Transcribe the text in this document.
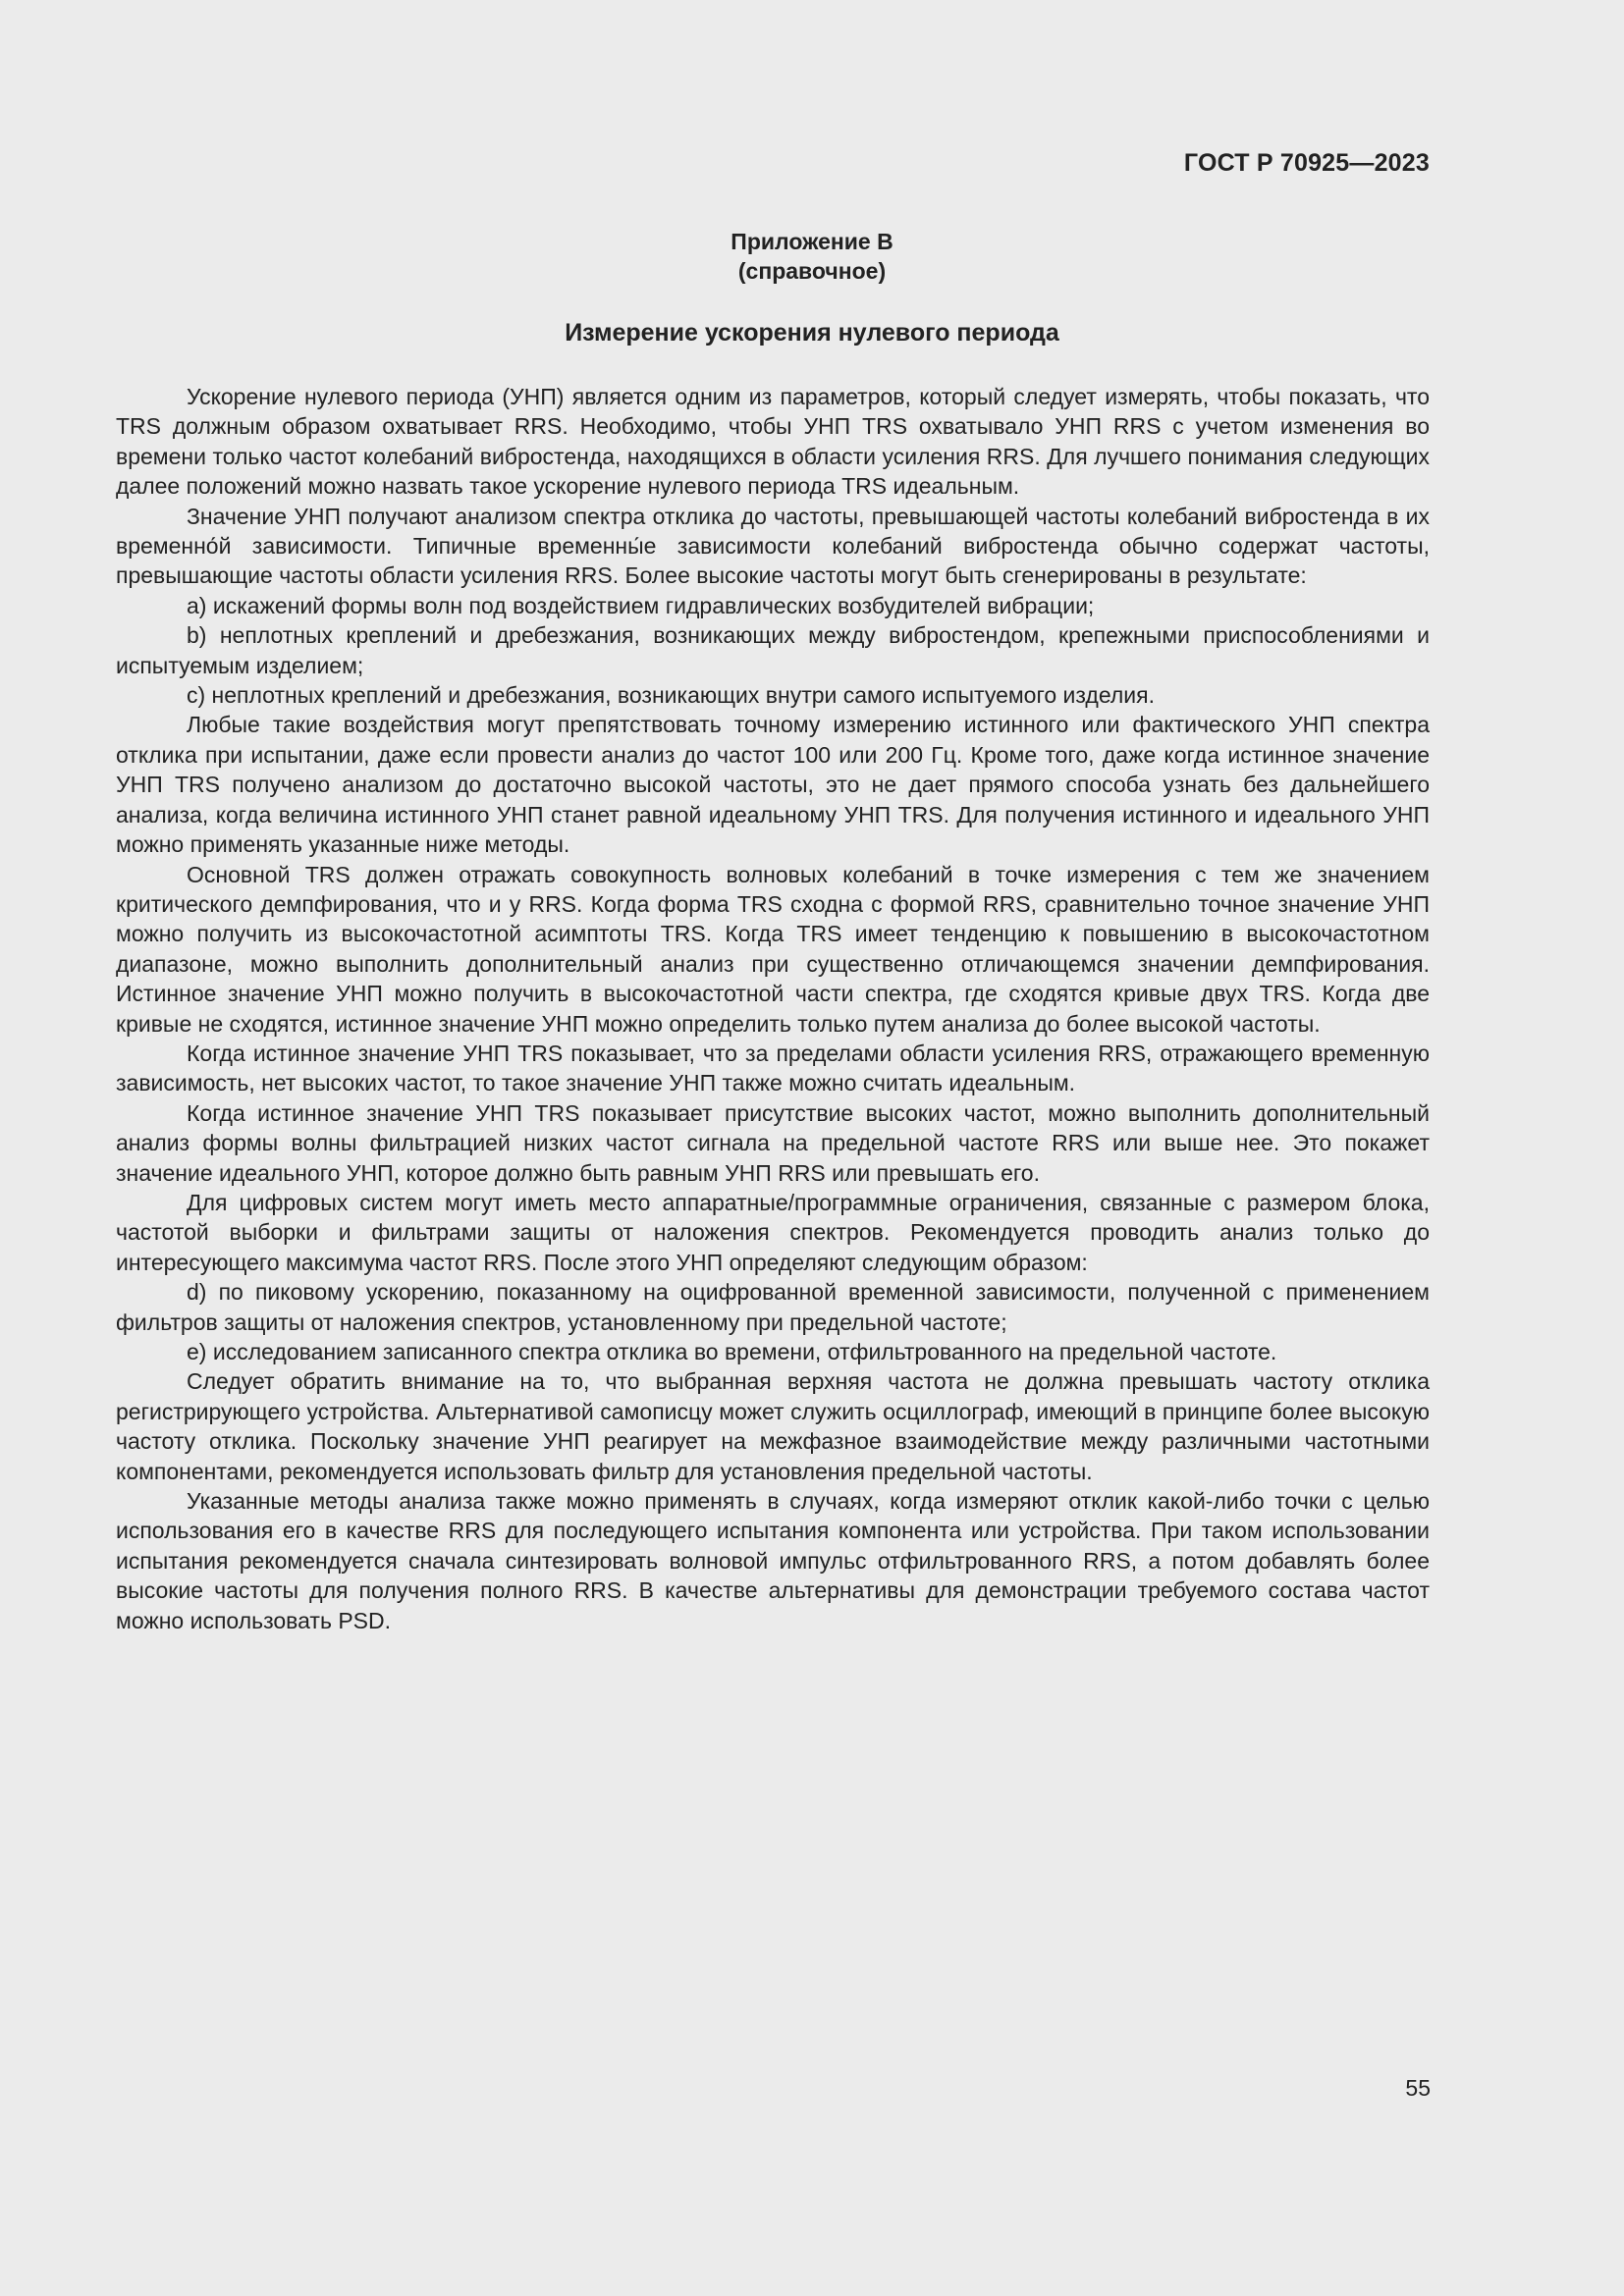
ГОСТ Р 70925—2023
Приложение В
(справочное)
Измерение ускорения нулевого периода

Ускорение нулевого периода (УНП) является одним из параметров, который следует измерять, чтобы показать, что TRS должным образом охватывает RRS. Необходимо, чтобы УНП TRS охватывало УНП RRS с учетом изменения во времени только частот колебаний вибростенда, находящихся в области усиления RRS. Для лучшего понимания следующих далее положений можно назвать такое ускорение нулевого периода TRS идеальным.

Значение УНП получают анализом спектра отклика до частоты, превышающей частоты колебаний вибростенда в их временно́й зависимости. Типичные временны́е зависимости колебаний вибростенда обычно содержат частоты, превышающие частоты области усиления RRS. Более высокие частоты могут быть сгенерированы в результате:

a) искажений формы волн под воздействием гидравлических возбудителей вибрации;

b) неплотных креплений и дребезжания, возникающих между вибростендом, крепежными приспособлениями и испытуемым изделием;

c) неплотных креплений и дребезжания, возникающих внутри самого испытуемого изделия.

Любые такие воздействия могут препятствовать точному измерению истинного или фактического УНП спектра отклика при испытании, даже если провести анализ до частот 100 или 200 Гц. Кроме того, даже когда истинное значение УНП TRS получено анализом до достаточно высокой частоты, это не дает прямого способа узнать без дальнейшего анализа, когда величина истинного УНП станет равной идеальному УНП TRS. Для получения истинного и идеального УНП можно применять указанные ниже методы.

Основной TRS должен отражать совокупность волновых колебаний в точке измерения с тем же значением критического демпфирования, что и у RRS. Когда форма TRS сходна с формой RRS, сравнительно точное значение УНП можно получить из высокочастотной асимптоты TRS. Когда TRS имеет тенденцию к повышению в высокочастотном диапазоне, можно выполнить дополнительный анализ при существенно отличающемся значении демпфирования. Истинное значение УНП можно получить в высокочастотной части спектра, где сходятся кривые двух TRS. Когда две кривые не сходятся, истинное значение УНП можно определить только путем анализа до более высокой частоты.

Когда истинное значение УНП TRS показывает, что за пределами области усиления RRS, отражающего временную зависимость, нет высоких частот, то такое значение УНП также можно считать идеальным.

Когда истинное значение УНП TRS показывает присутствие высоких частот, можно выполнить дополнительный анализ формы волны фильтрацией низких частот сигнала на предельной частоте RRS или выше нее. Это покажет значение идеального УНП, которое должно быть равным УНП RRS или превышать его.

Для цифровых систем могут иметь место аппаратные/программные ограничения, связанные с размером блока, частотой выборки и фильтрами защиты от наложения спектров. Рекомендуется проводить анализ только до интересующего максимума частот RRS. После этого УНП определяют следующим образом:

d) по пиковому ускорению, показанному на оцифрованной временной зависимости, полученной с применением фильтров защиты от наложения спектров, установленному при предельной частоте;

e) исследованием записанного спектра отклика во времени, отфильтрованного на предельной частоте.

Следует обратить внимание на то, что выбранная верхняя частота не должна превышать частоту отклика регистрирующего устройства. Альтернативой самописцу может служить осциллограф, имеющий в принципе более высокую частоту отклика. Поскольку значение УНП реагирует на межфазное взаимодействие между различными частотными компонентами, рекомендуется использовать фильтр для установления предельной частоты.

Указанные методы анализа также можно применять в случаях, когда измеряют отклик какой-либо точки с целью использования его в качестве RRS для последующего испытания компонента или устройства. При таком использовании испытания рекомендуется сначала синтезировать волновой импульс отфильтрованного RRS, а потом добавлять более высокие частоты для получения полного RRS. В качестве альтернативы для демонстрации требуемого состава частот можно использовать PSD.

55
